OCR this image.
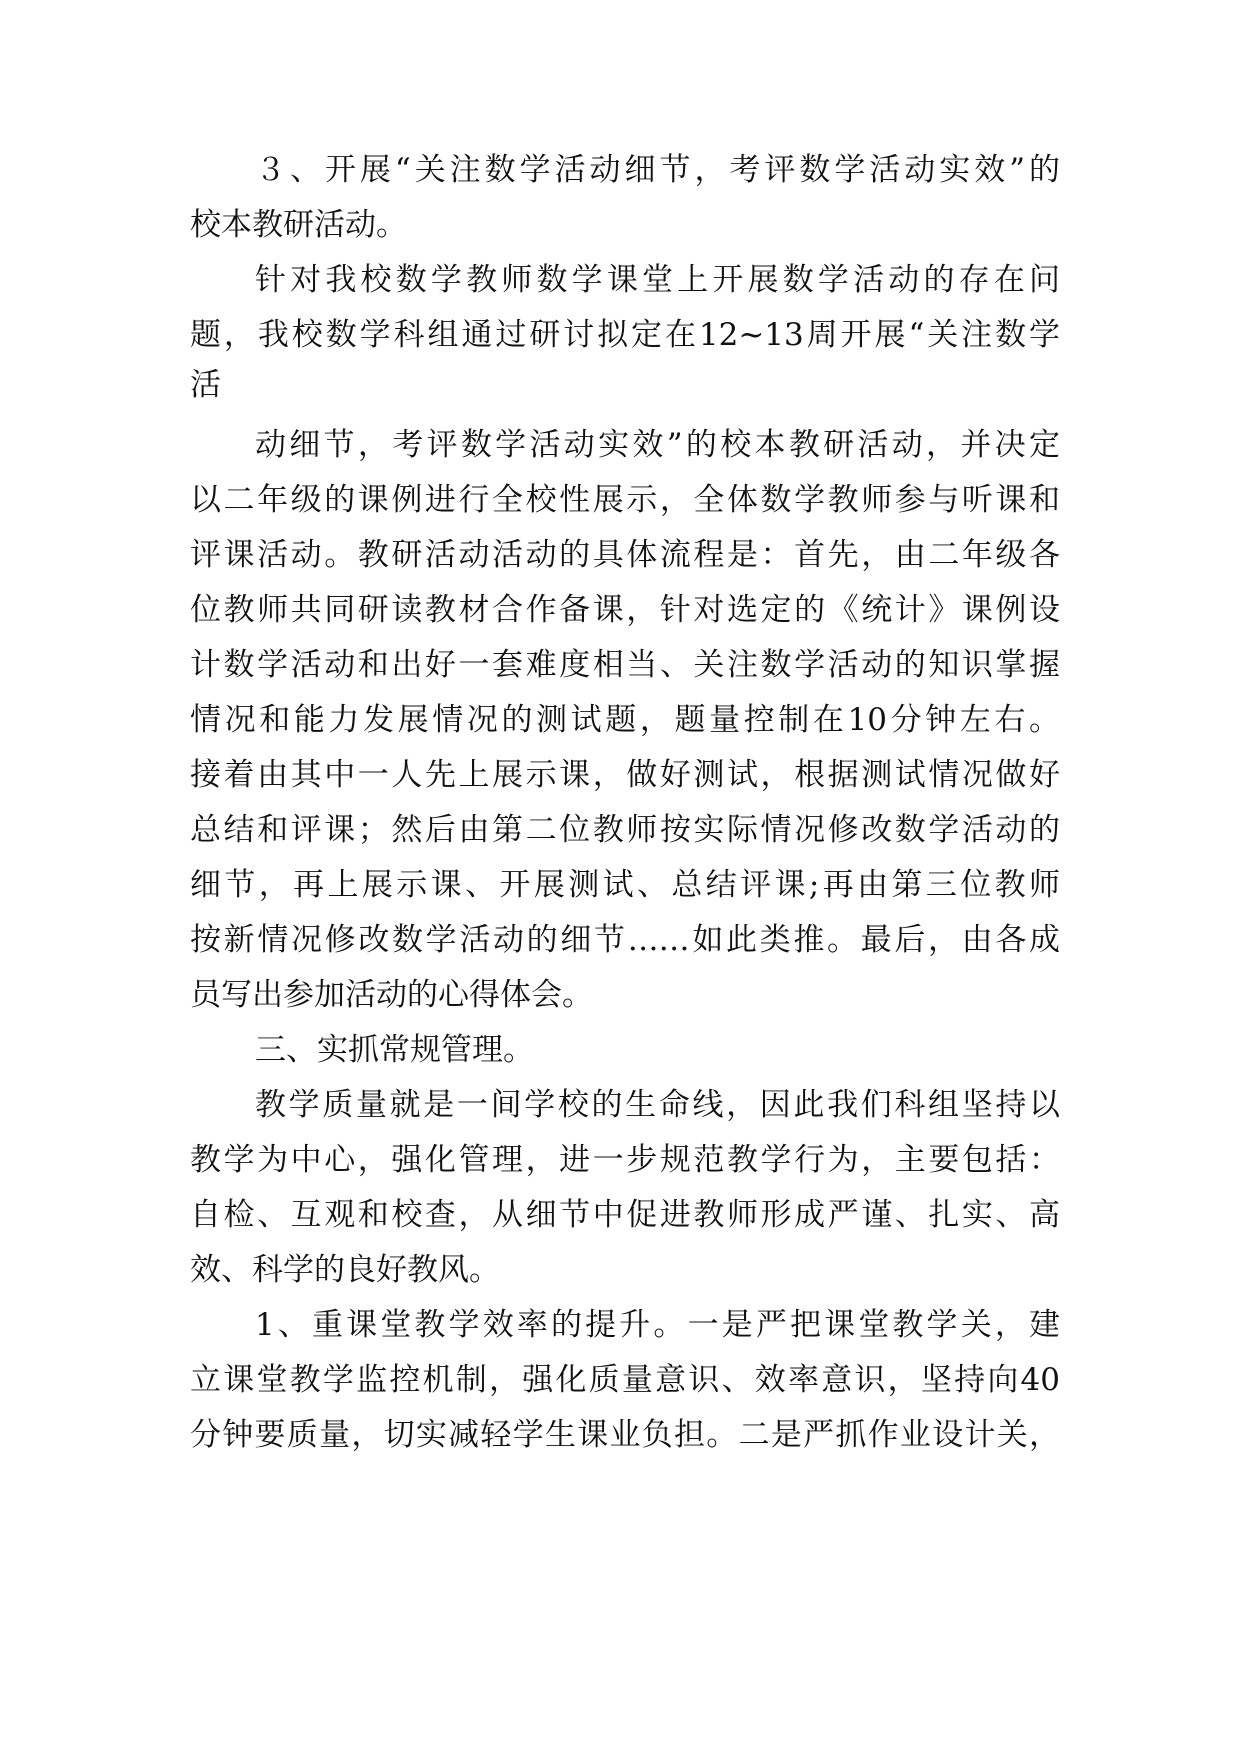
３、开展“关注数学活动细节，考评数学活动实效”的
校本教研活动。
针对我校数学教师数学课堂上开展数学活动的存在问
题，我校数学科组通过研讨拟定在12~13周开展“关注数学
活
动细节，考评数学活动实效”的校本教研活动，并决定
以二年级的课例进行全校性展示，全体数学教师参与听课和
评课活动。教研活动活动的具体流程是：首先，由二年级各
位教师共同研读教材合作备课，针对选定的《统计》课例设
计数学活动和出好一套难度相当、关注数学活动的知识掌握
情况和能力发展情况的测试题，题量控制在10分钟左右。
接着由其中一人先上展示课，做好测试，根据测试情况做好
总结和评课；然后由第二位教师按实际情况修改数学活动的
细节，再上展示课、开展测试、总结评课;再由第三位教师
按新情况修改数学活动的细节……如此类推。最后，由各成
员写出参加活动的心得体会。
三、实抓常规管理。
教学质量就是一间学校的生命线，因此我们科组坚持以
教学为中心，强化管理，进一步规范教学行为，主要包括：
自检、互观和校查，从细节中促进教师形成严谨、扎实、高
效、科学的良好教风。
1、重课堂教学效率的提升。一是严把课堂教学关，建
立课堂教学监控机制，强化质量意识、效率意识，坚持向40
分钟要质量，切实减轻学生课业负担。二是严抓作业设计关，
